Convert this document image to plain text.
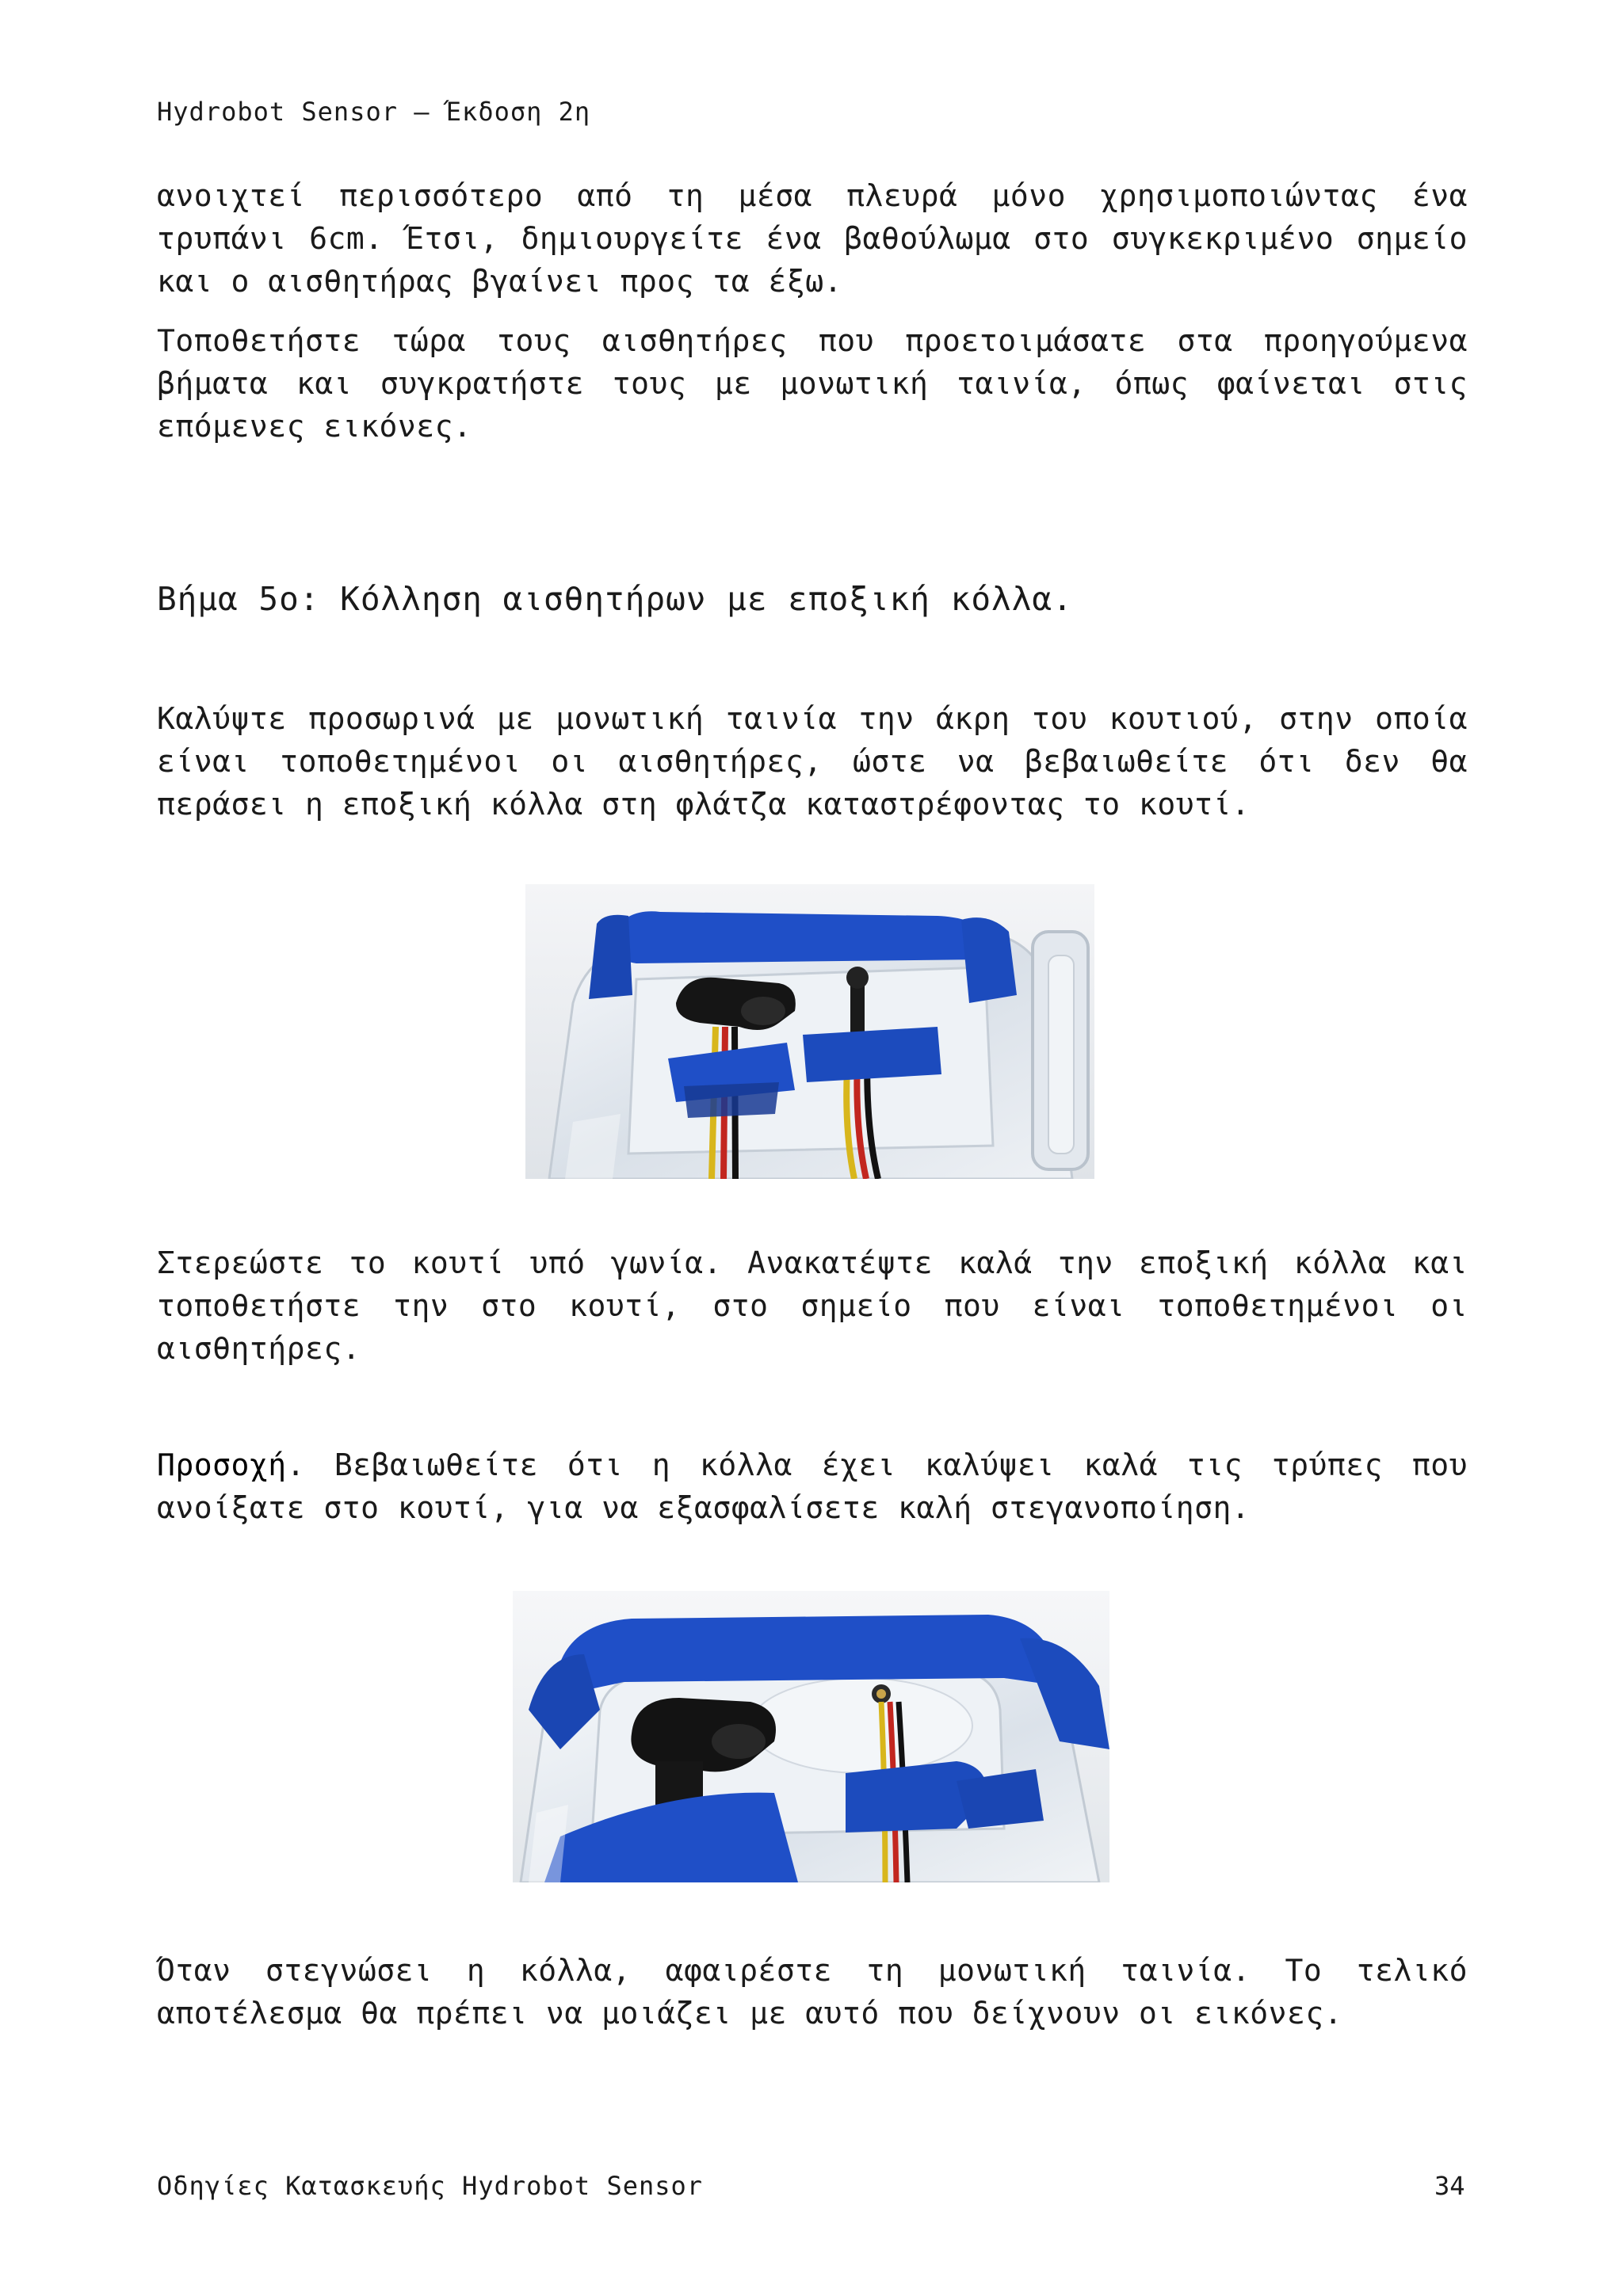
Hydrobot Sensor – Έκδοση 2η

ανοιχτεί περισσότερο από τη μέσα πλευρά μόνο χρησιμοποιώντας ένα τρυπάνι 6cm. Έτσι, δημιουργείτε ένα βαθούλωμα στο συγκεκριμένο σημείο και ο αισθητήρας βγαίνει προς τα έξω.

Τοποθετήστε τώρα τους αισθητήρες που προετοιμάσατε στα προηγούμενα βήματα και συγκρατήστε τους με μονωτική ταινία, όπως φαίνεται στις επόμενες εικόνες.

Βήμα 5ο: Κόλληση αισθητήρων με εποξική κόλλα.

Καλύψτε προσωρινά με μονωτική ταινία την άκρη του κουτιού, στην οποία είναι τοποθετημένοι οι αισθητήρες, ώστε να βεβαιωθείτε ότι δεν θα περάσει η εποξική κόλλα στη φλάτζα καταστρέφοντας το κουτί.

Στερεώστε το κουτί υπό γωνία. Ανακατέψτε καλά την εποξική κόλλα και τοποθετήστε την στο κουτί, στο σημείο που είναι τοποθετημένοι οι αισθητήρες.

Προσοχή. Βεβαιωθείτε ότι η κόλλα έχει καλύψει καλά τις τρύπες που ανοίξατε στο κουτί, για να εξασφαλίσετε καλή στεγανοποίηση.

Όταν στεγνώσει η κόλλα, αφαιρέστε τη μονωτική ταινία. Το τελικό αποτέλεσμα θα πρέπει να μοιάζει με αυτό που δείχνουν οι εικόνες.

Οδηγίες Κατασκευής Hydrobot Sensor	34
